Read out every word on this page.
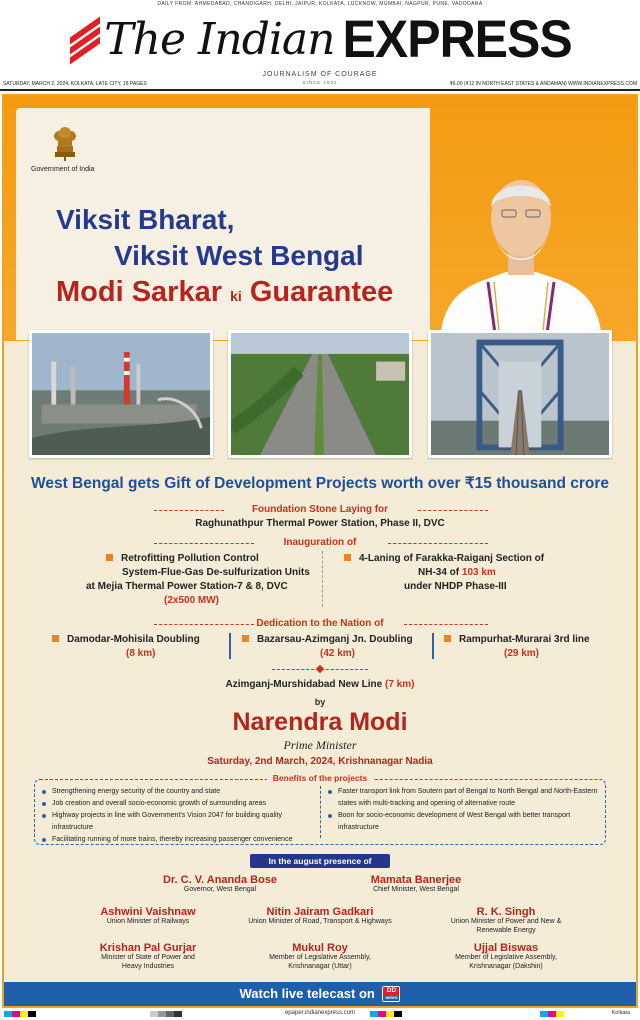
DAILY FROM: AHMEDABAD, CHANDIGARH, DELHI, JAIPUR, KOLKATA, LUCKNOW, MUMBAI, NAGPUR, PUNE, VADODARA
The Indian EXPRESS
JOURNALISM OF COURAGE
SINCE 1932
SATURDAY, MARCH 2, 2024, KOLKATA, LATE CITY, 18 PAGES	₹6.00 (₹12 IN NORTH EAST STATES & ANDAMAN) WWW.INDIANEXPRESS.COM
Government of India
Viksit Bharat,
Viksit West Bengal
Modi Sarkar ki Guarantee
West Bengal gets Gift of Development Projects worth over ₹15 thousand crore
Foundation Stone Laying for
Raghunathpur Thermal Power Station, Phase II, DVC
Inauguration of
Retrofitting Pollution Control
System-Flue-Gas De-sulfurization Units
at Mejia Thermal Power Station-7 & 8, DVC
(2x500 MW)
4-Laning of Farakka-Raiganj Section of
NH-34 of 103 km
under NHDP Phase-III
Dedication to the Nation of
Damodar-Mohisila Doubling
(8 km)
Bazarsau-Azimganj Jn. Doubling
(42 km)
Rampurhat-Murarai 3rd line
(29 km)
Azimganj-Murshidabad New Line (7 km)
by
Narendra Modi
Prime Minister
Saturday, 2nd March, 2024, Krishnanagar Nadia
Benefits of the projects
Strengthening energy security of the country and state
Job creation and overall socio-economic growth of surrounding areas
Highway projects in line with Government's Vision 2047 for building quality infrastructure
Facilitating running of more trains, thereby increasing passenger convenience
Faster transport link from Soutern part of Bengal to North Bengal and North-Eastern states with multi-tracking and opening of alternative route
Boon for socio-economic development of West Bengal with better transport infrastructure
In the august presence of
Dr. C. V. Ananda Bose
Governor, West Bengal
Mamata Banerjee
Chief Minister, West Bengal
Ashwini Vaishnaw
Union Minister of Railways
Nitin Jairam Gadkari
Union Minister of Road, Transport & Highways
R. K. Singh
Union Minister of Power and New & Renewable Energy
Krishan Pal Gurjar
Minister of State of Power and Heavy Industries
Mukul Roy
Member of Legislative Assembly, Krishnanagar (Uttar)
Ujjal Biswas
Member of Legislative Assembly, Krishnanagar (Dakshin)
Watch live telecast on	DD
NEWS
epaper.indianexpress.com	Kolkata
